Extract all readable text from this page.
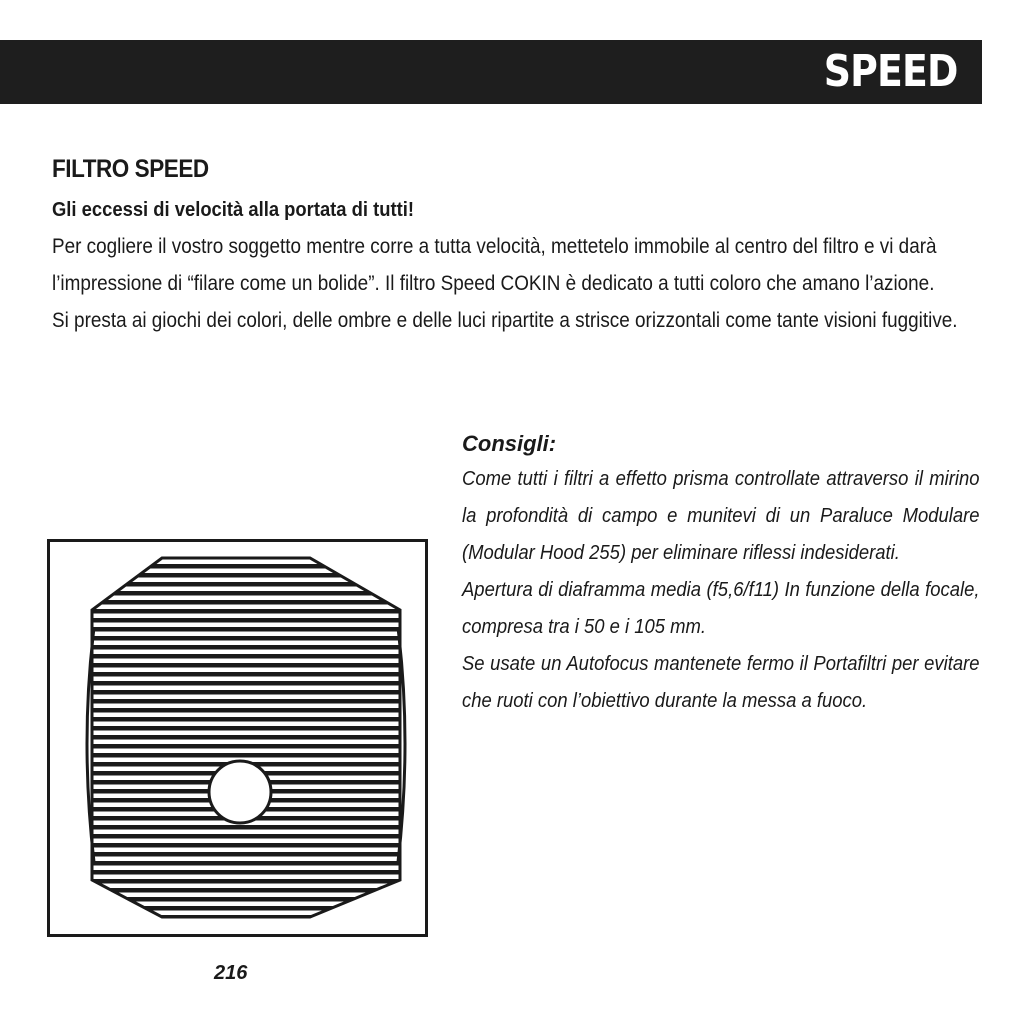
SPEED
FILTRO SPEED
Gli eccessi di velocità alla portata di tutti!

Per cogliere il vostro soggetto mentre corre a tutta velocità, mettetelo immobile al centro del filtro e vi darà l’impressione di “filare come un bolide”. Il filtro Speed COKIN è dedicato a tutti coloro che amano l’azione.

Si presta ai giochi dei colori, delle ombre e delle luci ripartite a strisce orizzontali come tante visioni fuggitive.

Consigli:

Come tutti i filtri a effetto prisma controllate attraverso il mirino la profondità di campo e munitevi di un Paraluce Modulare (Modular Hood 255) per eliminare riflessi indesiderati.
Apertura di diaframma media (f5,6/f11) In funzione della focale, compresa tra i 50 e i 105 mm.
Se usate un Autofocus mantenete fermo il Portafiltri per evitare che ruoti con l’obiettivo durante la messa a fuoco.

216
